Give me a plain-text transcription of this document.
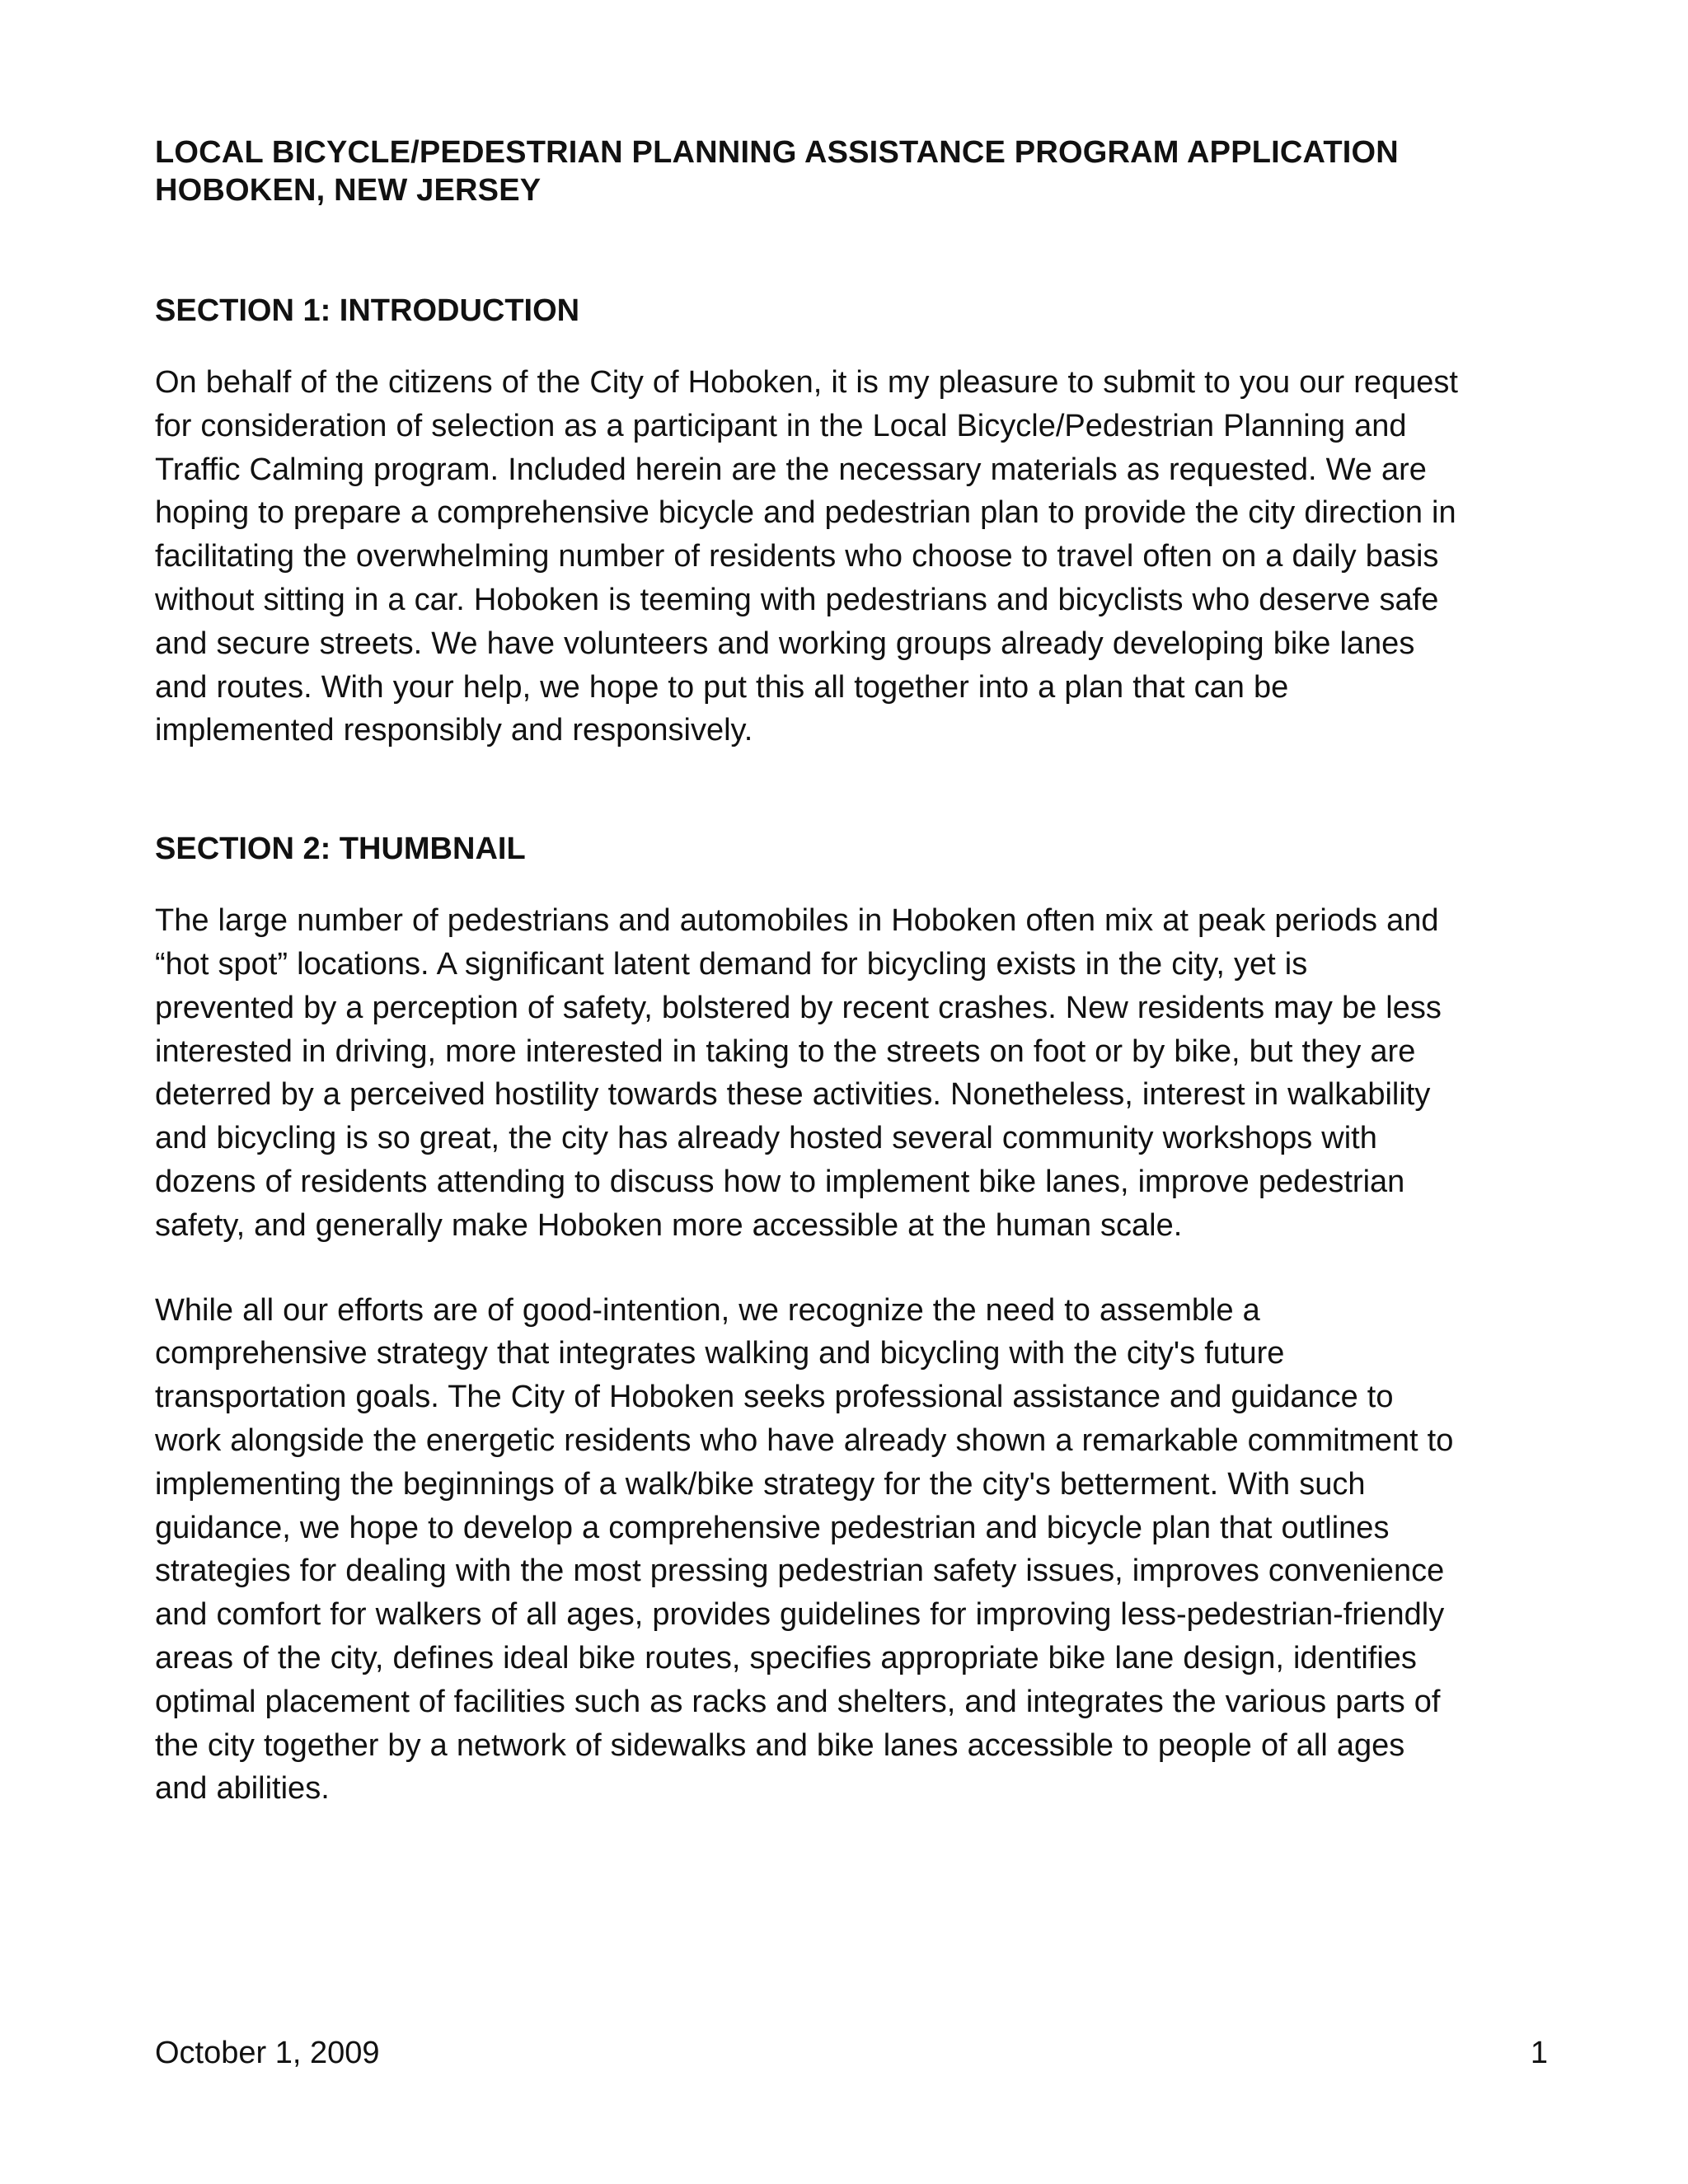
LOCAL BICYCLE/PEDESTRIAN PLANNING ASSISTANCE PROGRAM APPLICATION
HOBOKEN, NEW JERSEY
SECTION 1: INTRODUCTION

On behalf of the citizens of the City of Hoboken, it is my pleasure to submit to you our request
for consideration of selection as a participant in the Local Bicycle/Pedestrian Planning and
Traffic Calming program. Included herein are the necessary materials as requested. We are
hoping to prepare a comprehensive bicycle and pedestrian plan to provide the city direction in
facilitating the overwhelming number of residents who choose to travel often on a daily basis
without sitting in a car. Hoboken is teeming with pedestrians and bicyclists who deserve safe
and secure streets. We have volunteers and working groups already developing bike lanes
and routes. With your help, we hope to put this all together into a plan that can be
implemented responsibly and responsively.

SECTION 2: THUMBNAIL

The large number of pedestrians and automobiles in Hoboken often mix at peak periods and
“hot spot” locations. A significant latent demand for bicycling exists in the city, yet is
prevented by a perception of safety, bolstered by recent crashes. New residents may be less
interested in driving, more interested in taking to the streets on foot or by bike, but they are
deterred by a perceived hostility towards these activities. Nonetheless, interest in walkability
and bicycling is so great, the city has already hosted several community workshops with
dozens of residents attending to discuss how to implement bike lanes, improve pedestrian
safety, and generally make Hoboken more accessible at the human scale.

While all our efforts are of good-intention, we recognize the need to assemble a
comprehensive strategy that integrates walking and bicycling with the city's future
transportation goals. The City of Hoboken seeks professional assistance and guidance to
work alongside the energetic residents who have already shown a remarkable commitment to
implementing the beginnings of a walk/bike strategy for the city's betterment. With such
guidance, we hope to develop a comprehensive pedestrian and bicycle plan that outlines
strategies for dealing with the most pressing pedestrian safety issues, improves convenience
and comfort for walkers of all ages, provides guidelines for improving less-pedestrian-friendly
areas of the city, defines ideal bike routes, specifies appropriate bike lane design, identifies
optimal placement of facilities such as racks and shelters, and integrates the various parts of
the city together by a network of sidewalks and bike lanes accessible to people of all ages
and abilities.

October 1, 2009	1
